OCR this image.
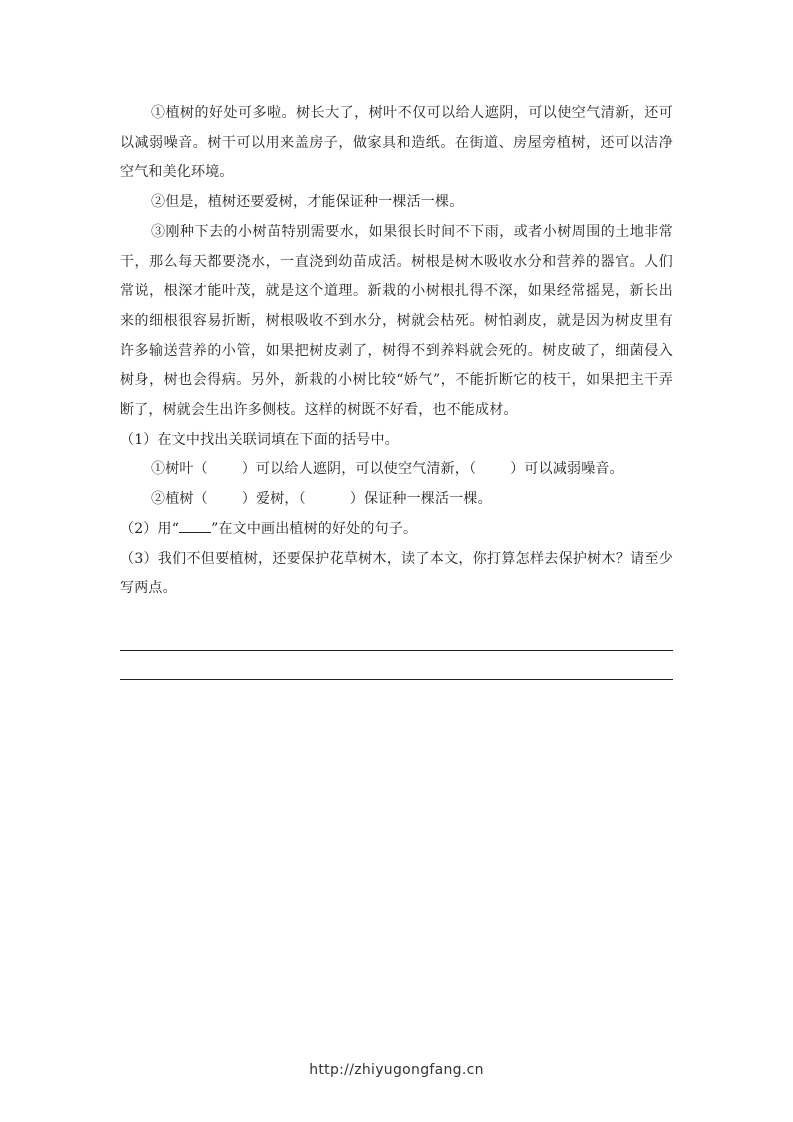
①植树的好处可多啦。树长大了，树叶不仅可以给人遮阴，可以使空气清新，还可以减弱噪音。树干可以用来盖房子，做家具和造纸。在街道、房屋旁植树，还可以洁净空气和美化环境。

②但是，植树还要爱树，才能保证种一棵活一棵。

③刚种下去的小树苗特别需要水，如果很长时间不下雨，或者小树周围的土地非常干，那么每天都要浇水，一直浇到幼苗成活。树根是树木吸收水分和营养的器官。人们常说，根深才能叶茂，就是这个道理。新栽的小树根扎得不深，如果经常摇晃，新长出来的细根很容易折断，树根吸收不到水分，树就会枯死。树怕剥皮，就是因为树皮里有许多输送营养的小管，如果把树皮剥了，树得不到养料就会死的。树皮破了，细菌侵入树身，树也会得病。另外，新栽的小树比较“娇气”，不能折断它的枝干，如果把主干弄断了，树就会生出许多侧枝。这样的树既不好看，也不能成材。

（1）在文中找出关联词填在下面的括号中。

①树叶（ ）可以给人遮阴，可以使空气清新，（ ）可以减弱噪音。

②植树（ ）爱树，（	）保证种一棵活一棵。

（2）用“ ”在文中画出植树的好处的句子。

（3）我们不但要植树，还要保护花草树木，读了本文，你打算怎样去保护树木？请至少写两点。

http://zhiyugongfang.cn
